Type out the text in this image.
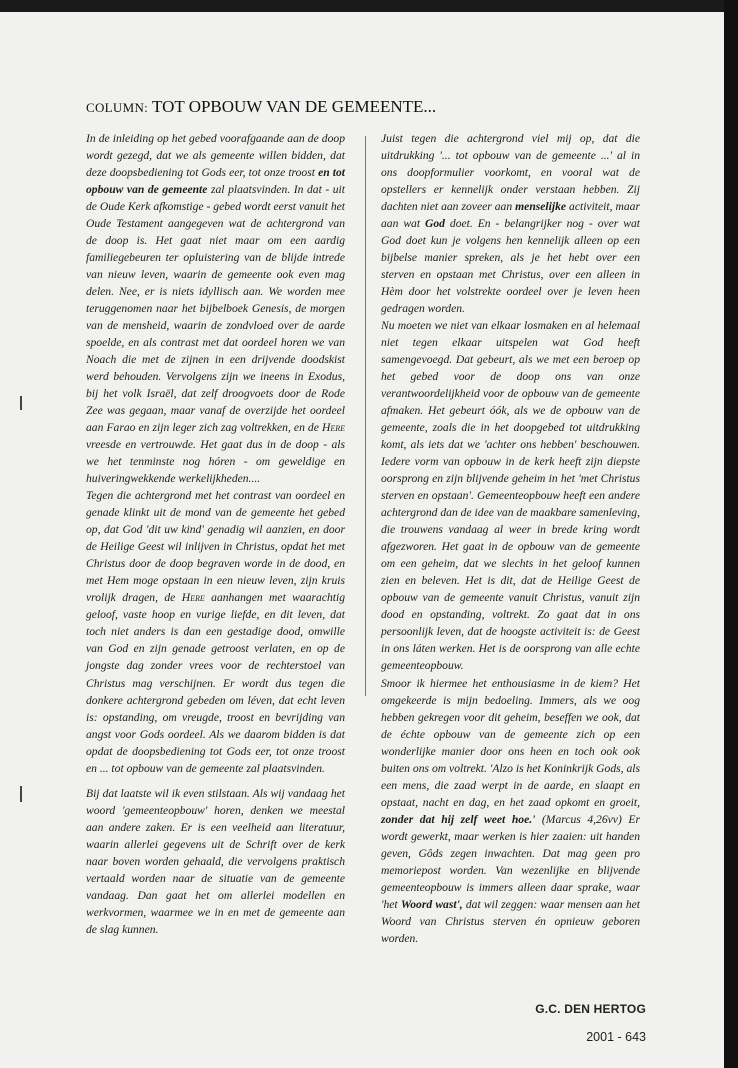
COLUMN: TOT OPBOUW VAN DE GEMEENTE...

In de inleiding op het gebed voorafgaande aan de doop wordt gezegd, dat we als gemeente willen bidden, dat deze doopsbediening tot Gods eer, tot onze troost en tot opbouw van de gemeente zal plaatsvinden. In dat - uit de Oude Kerk afkomstige - gebed wordt eerst vanuit het Oude Testament aangegeven wat de achtergrond van de doop is. Het gaat niet maar om een aardig familiegebeuren ter opluistering van de blijde intrede van nieuw leven, waarin de gemeente ook even mag delen. Nee, er is niets idyllisch aan. We worden mee teruggenomen naar het bijbelboek Genesis, de morgen van de mensheid, waarin de zondvloed over de aarde spoelde, en als contrast met dat oordeel horen we van Noach die met de zijnen in een drijvende doodskist werd behouden. Vervolgens zijn we ineens in Exodus, bij het volk Israël, dat zelf droogvoets door de Rode Zee was gegaan, maar vanaf de overzijde het oordeel aan Farao en zijn leger zich zag voltrekken, en de Here vreesde en vertrouwde. Het gaat dus in de doop - als we het tenminste nog hóren - om geweldige en huiveringwekkende werkelijkheden....

Tegen die achtergrond met het contrast van oordeel en genade klinkt uit de mond van de gemeente het gebed op, dat God 'dit uw kind' genadig wil aanzien, en door de Heilige Geest wil inlijven in Christus, opdat het met Christus door de doop begraven worde in de dood, en met Hem moge opstaan in een nieuw leven, zijn kruis vrolijk dragen, de Here aanhangen met waarachtig geloof, vaste hoop en vurige liefde, en dit leven, dat toch niet anders is dan een gestadige dood, omwille van God en zijn genade getroost verlaten, en op de jongste dag zonder vrees voor de rechterstoel van Christus mag verschijnen. Er wordt dus tegen die donkere achtergrond gebeden om léven, dat echt leven is: opstanding, om vreugde, troost en bevrijding van angst voor Gods oordeel. Als we daarom bidden is dat opdat de doopsbediening tot Gods eer, tot onze troost en ... tot opbouw van de gemeente zal plaatsvinden.

Bij dat laatste wil ik even stilstaan. Als wij vandaag het woord 'gemeenteopbouw' horen, denken we meestal aan andere zaken. Er is een veelheid aan literatuur, waarin allerlei gegevens uit de Schrift over de kerk naar boven worden gehaald, die vervolgens praktisch vertaald worden naar de situatie van de gemeente vandaag. Dan gaat het om allerlei modellen en werkvormen, waarmee we in en met de gemeente aan de slag kunnen.

Juist tegen die achtergrond viel mij op, dat die uitdrukking '... tot opbouw van de gemeente ...' al in ons doopformulier voorkomt, en vooral wat de opstellers er kennelijk onder verstaan hebben. Zij dachten niet aan zoveer aan menselijke activiteit, maar aan wat God doet. En - belangrijker nog - over wat God doet kun je volgens hen kennelijk alleen op een bijbelse manier spreken, als je het hebt over een sterven en opstaan met Christus, over een alleen in Hèm door het volstrekte oordeel over je leven heen gedragen worden.

Nu moeten we niet van elkaar losmaken en al helemaal niet tegen elkaar uitspelen wat God heeft samengevoegd. Dat gebeurt, als we met een beroep op het gebed voor de doop ons van onze verantwoordelijkheid voor de opbouw van de gemeente afmaken. Het gebeurt óók, als we de opbouw van de gemeente, zoals die in het doopgebed tot uitdrukking komt, als iets dat we 'achter ons hebben' beschouwen. Iedere vorm van opbouw in de kerk heeft zijn diepste oorsprong en zijn blijvende geheim in het 'met Christus sterven en opstaan'. Gemeenteopbouw heeft een andere achtergrond dan de idee van de maakbare samenleving, die trouwens vandaag al weer in brede kring wordt afgezworen. Het gaat in de opbouw van de gemeente om een geheim, dat we slechts in het geloof kunnen zien en beleven. Het is dit, dat de Heilige Geest de opbouw van de gemeente vanuit Christus, vanuit zijn dood en opstanding, voltrekt. Zo gaat dat in ons persoonlijk leven, dat de hoogste activiteit is: de Geest in ons láten werken. Het is de oorsprong van alle echte gemeenteopbouw.

Smoor ik hiermee het enthousiasme in de kiem? Het omgekeerde is mijn bedoeling. Immers, als we oog hebben gekregen voor dit geheim, beseffen we ook, dat de échte opbouw van de gemeente zich op een wonderlijke manier door ons heen en toch ook ook buiten ons om voltrekt. 'Alzo is het Koninkrijk Gods, als een mens, die zaad werpt in de aarde, en slaapt en opstaat, nacht en dag, en het zaad opkomt en groeit, zonder dat hij zelf weet hoe.' (Marcus 4,26vv) Er wordt gewerkt, maar werken is hier zaaien: uit handen geven, Gôds zegen inwachten. Dat mag geen pro memoriepost worden. Van wezenlijke en blijvende gemeenteopbouw is immers alleen daar sprake, waar 'het Woord wast', dat wil zeggen: waar mensen aan het Woord van Christus sterven én opnieuw geboren worden.

G.C. DEN HERTOG
2001 - 643
